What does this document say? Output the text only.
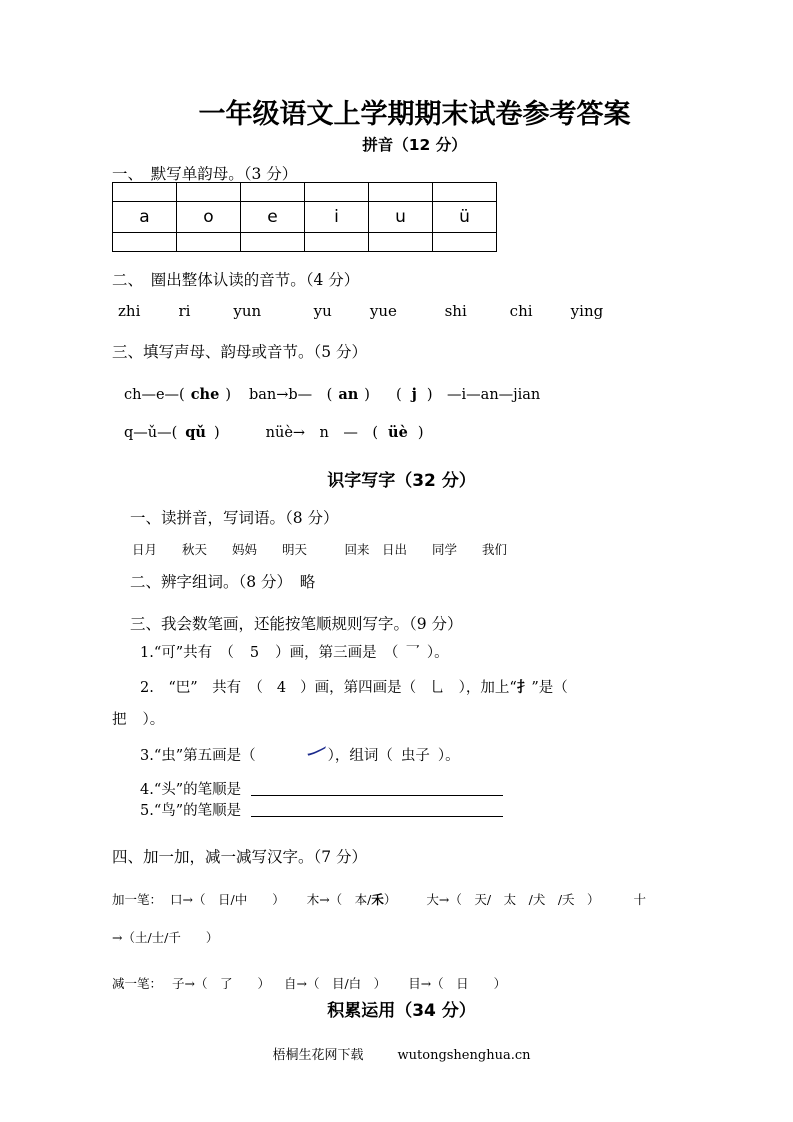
一年级语文上学期期末试卷参考答案
拼音（12 分）
一、　默写单韵母。（3 分）

a	o	e	i	u	ü

二、　圈出整体认读的音节。（4 分）
zhi        ri         yun           yu        yue          shi         chi        ying
三、填写声母、韵母或音节。（5 分）
ch—e—( che ) ban→b—　( an ) ( j )　—i—an—jian
q—ǔ—( qǔ )	nüè→　n　—　( üè )
识字写字（32 分）
一、读拼音，写词语。（8 分）
日月　　秋天　　妈妈　　明天　　　回来　日出　　同学　　我们
二、辨字组词。（8 分）　略
三、我会数笔画，还能按笔顺规则写字。（9 分）
1.“可”共有　（ 5 ）画，第三画是　（ 乛 ）。
2.　“巴”　共有　（ 4 ）画，第四画是（ 乚 ），加上“扌”是（
把 ）。
3.“虫”第五画是（	），组词（ 虫子 ）。
4.“头”的笔顺是
5.“鸟”的笔顺是
四、加一加，减一减写汉字。（7 分）
加一笔： 口→（　日/中　　） 木→（　本/禾） 大→（　天/　太　/犬　/夭　）	十
→（土/士/千　　）
减一笔： 子→（　了　　） 自→（　目/白　） 目→（　日　　）
积累运用（34 分）
梧桐生花网下载	wutongshenghua.cn
